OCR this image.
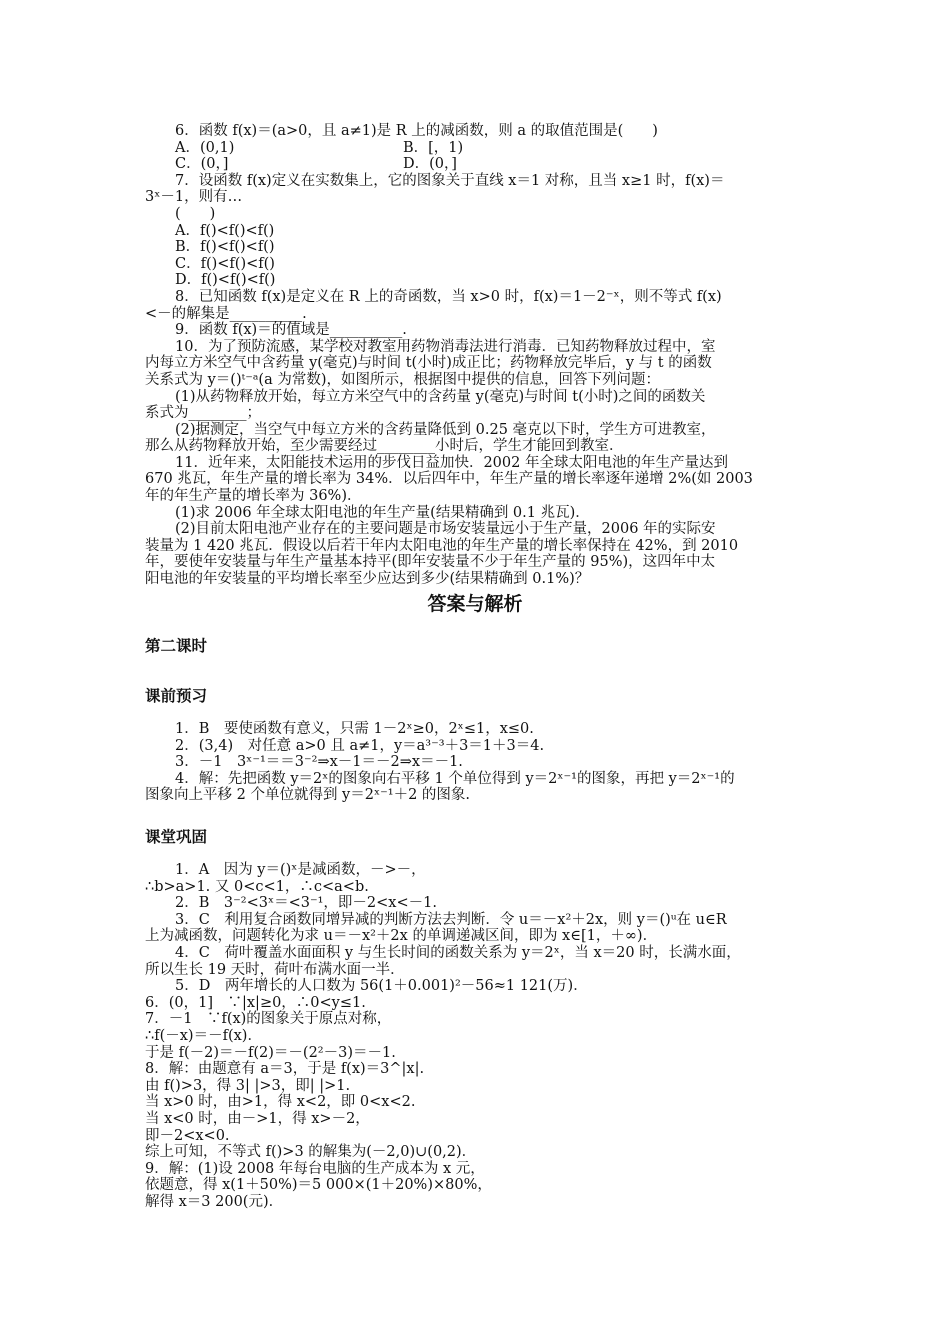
6．函数 f(x)＝(a>0，且 a≠1)是 R 上的减函数，则 a 的取值范围是(　　)

A．(0,1)	B．[，1)
C．(0，]	D．(0，]

7．设函数 f(x)定义在实数集上，它的图象关于直线 x＝1 对称，且当 x≥1 时，f(x)＝

3ˣ－1，则有…

(　　)

A．f()<f()<f()

B．f()<f()<f()

C．f()<f()<f()

D．f()<f()<f()

8．已知函数 f(x)是定义在 R 上的奇函数，当 x>0 时，f(x)＝1－2⁻ˣ，则不等式 f(x)

<－的解集是__________.

9．函数 f(x)＝的值域是__________.

10．为了预防流感，某学校对教室用药物消毒法进行消毒．已知药物释放过程中，室

内每立方米空气中含药量 y(毫克)与时间 t(小时)成正比；药物释放完毕后，y 与 t 的函数

关系式为 y＝()ᵗ⁻ᵃ(a 为常数)，如图所示，根据图中提供的信息，回答下列问题：

(1)从药物释放开始，每立方米空气中的含药量 y(毫克)与时间 t(小时)之间的函数关

系式为________；

(2)据测定，当空气中每立方米的含药量降低到 0.25 毫克以下时，学生方可进教室，

那么从药物释放开始，至少需要经过________小时后，学生才能回到教室．

11．近年来，太阳能技术运用的步伐日益加快．2002 年全球太阳电池的年生产量达到

670 兆瓦，年生产量的增长率为 34%．以后四年中，年生产量的增长率逐年递增 2%(如 2003

年的年生产量的增长率为 36%)．

(1)求 2006 年全球太阳电池的年生产量(结果精确到 0.1 兆瓦)．

(2)目前太阳电池产业存在的主要问题是市场安装量远小于生产量，2006 年的实际安

装量为 1 420 兆瓦．假设以后若干年内太阳电池的年生产量的增长率保持在 42%，到 2010

年，要使年安装量与年生产量基本持平(即年安装量不少于年生产量的 95%)，这四年中太

阳电池的年安装量的平均增长率至少应达到多少(结果精确到 0.1%)？

答案与解析
第二课时
课前预习

1．B　要使函数有意义，只需 1－2ˣ≥0，2ˣ≤1，x≤0.

2．(3,4)　对任意 a>0 且 a≠1，y＝a³⁻³＋3＝1＋3＝4.

3．－1　3ˣ⁻¹＝＝3⁻²⇒x－1＝－2⇒x＝－1.

4．解：先把函数 y＝2ˣ的图象向右平移 1 个单位得到 y＝2ˣ⁻¹的图象，再把 y＝2ˣ⁻¹的

图象向上平移 2 个单位就得到 y＝2ˣ⁻¹＋2 的图象.

课堂巩固

1．A　因为 y＝()ˣ是减函数，－>－，

∴b>a>1. 又 0<c<1，∴c<a<b.

2．B　3⁻²<3ˣ＝<3⁻¹，即－2<x<－1.

3．C　利用复合函数同增异减的判断方法去判断．令 u＝－x²＋2x，则 y＝()ᵘ在 u∈R

上为减函数，问题转化为求 u＝－x²＋2x 的单调递减区间，即为 x∈[1，＋∞)．

4．C　荷叶覆盖水面面积 y 与生长时间的函数关系为 y＝2ˣ，当 x＝20 时，长满水面，

所以生长 19 天时，荷叶布满水面一半．

5．D　两年增长的人口数为 56(1＋0.001)²－56≈1 121(万)．

6．(0，1]　∵|x|≥0，∴0<y≤1.

7．－1　∵f(x)的图象关于原点对称，

∴f(－x)＝－f(x)．

于是 f(－2)＝－f(2)＝－(2²－3)＝－1.

8．解：由题意有 a＝3，于是 f(x)＝3^|x|.

由 f()>3，得 3| |>3，即| |>1.

当 x>0 时，由>1，得 x<2，即 0<x<2.

当 x<0 时，由－>1，得 x>－2，

即－2<x<0.

综上可知，不等式 f()>3 的解集为(－2,0)∪(0,2)．

9．解：(1)设 2008 年每台电脑的生产成本为 x 元，

依题意，得 x(1＋50%)＝5 000×(1＋20%)×80%，

解得 x＝3 200(元)．
